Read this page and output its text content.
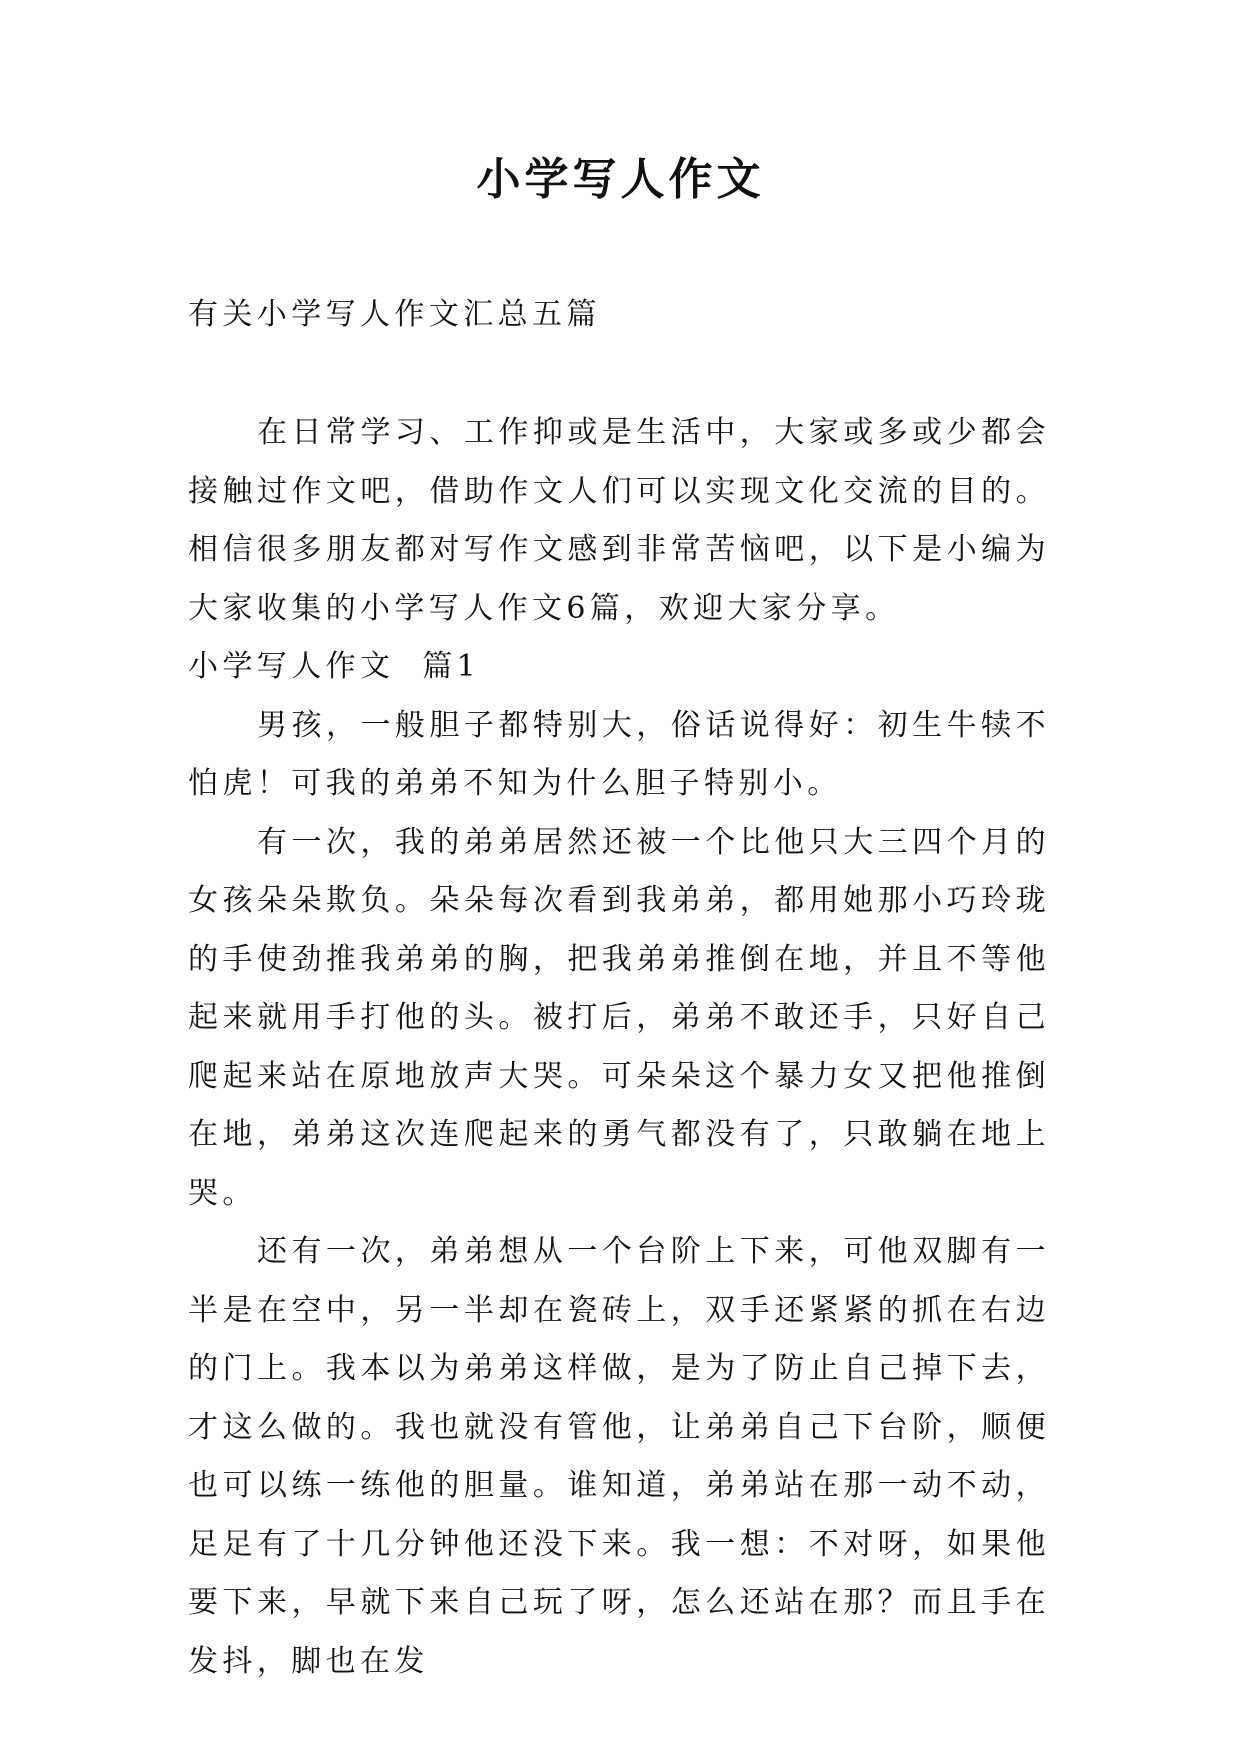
小学写人作文

有关小学写人作文汇总五篇

在日常学习、工作抑或是生活中，大家或多或少都会接触过作文吧，借助作文人们可以实现文化交流的目的。相信很多朋友都对写作文感到非常苦恼吧，以下是小编为大家收集的小学写人作文6篇，欢迎大家分享。

小学写人作文  篇1

男孩，一般胆子都特别大，俗话说得好：初生牛犊不怕虎！可我的弟弟不知为什么胆子特别小。

有一次，我的弟弟居然还被一个比他只大三四个月的女孩朵朵欺负。朵朵每次看到我弟弟，都用她那小巧玲珑的手使劲推我弟弟的胸，把我弟弟推倒在地，并且不等他起来就用手打他的头。被打后，弟弟不敢还手，只好自己爬起来站在原地放声大哭。可朵朵这个暴力女又把他推倒在地，弟弟这次连爬起来的勇气都没有了，只敢躺在地上哭。

还有一次，弟弟想从一个台阶上下来，可他双脚有一半是在空中，另一半却在瓷砖上，双手还紧紧的抓在右边的门上。我本以为弟弟这样做，是为了防止自己掉下去，才这么做的。我也就没有管他，让弟弟自己下台阶，顺便也可以练一练他的胆量。谁知道，弟弟站在那一动不动，足足有了十几分钟他还没下来。我一想：不对呀，如果他要下来，早就下来自己玩了呀，怎么还站在那？而且手在发抖，脚也在发
